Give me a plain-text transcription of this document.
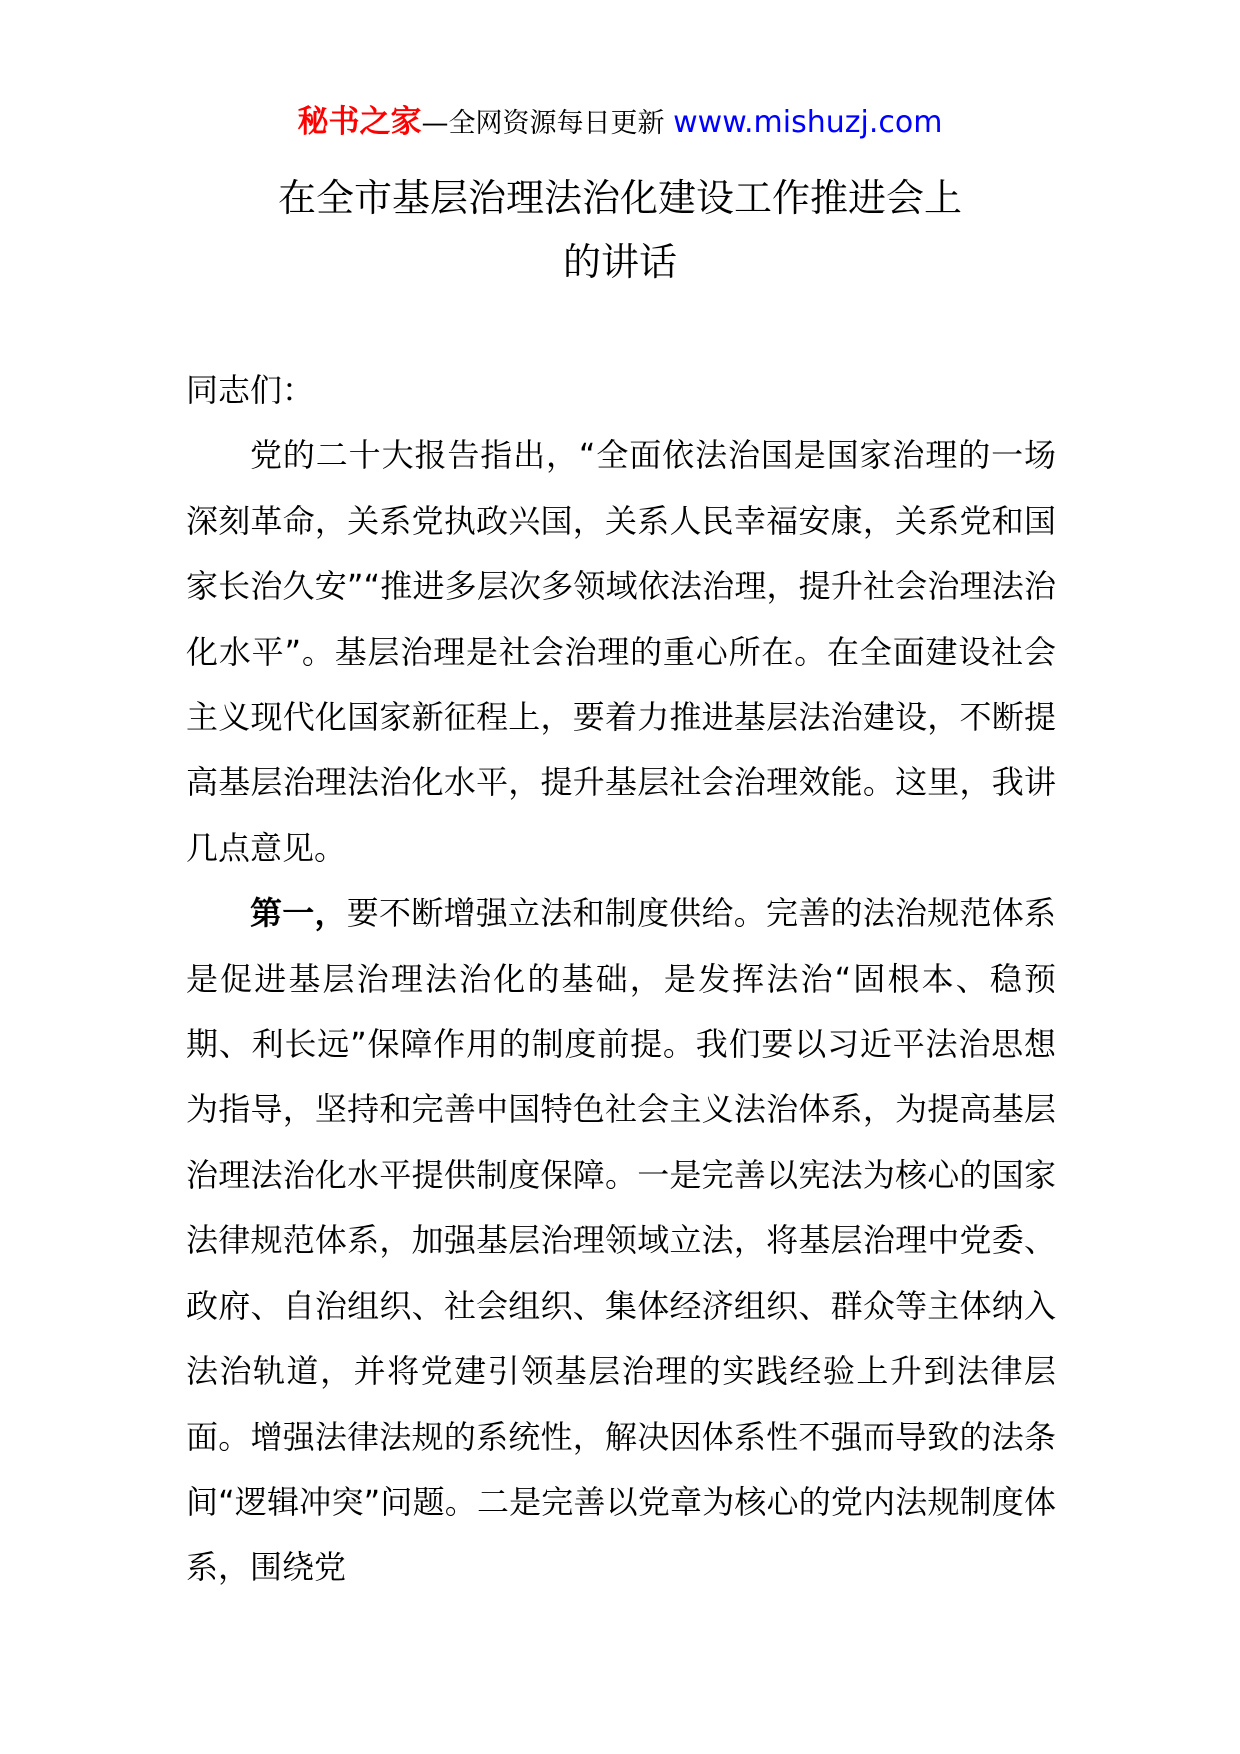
秘书之家—全网资源每日更新 www.mishuzj.com
在全市基层治理法治化建设工作推进会上
的讲话

同志们：

党的二十大报告指出，“全面依法治国是国家治理的一场深刻革命，关系党执政兴国，关系人民幸福安康，关系党和国家长治久安”“推进多层次多领域依法治理，提升社会治理法治化水平”。基层治理是社会治理的重心所在。在全面建设社会主义现代化国家新征程上，要着力推进基层法治建设，不断提高基层治理法治化水平，提升基层社会治理效能。这里，我讲几点意见。

第一，要不断增强立法和制度供给。完善的法治规范体系是促进基层治理法治化的基础，是发挥法治“固根本、稳预期、利长远”保障作用的制度前提。我们要以习近平法治思想为指导，坚持和完善中国特色社会主义法治体系，为提高基层治理法治化水平提供制度保障。一是完善以宪法为核心的国家法律规范体系，加强基层治理领域立法，将基层治理中党委、政府、自治组织、社会组织、集体经济组织、群众等主体纳入法治轨道，并将党建引领基层治理的实践经验上升到法律层面。增强法律法规的系统性，解决因体系性不强而导致的法条间“逻辑冲突”问题。二是完善以党章为核心的党内法规制度体系，围绕党
